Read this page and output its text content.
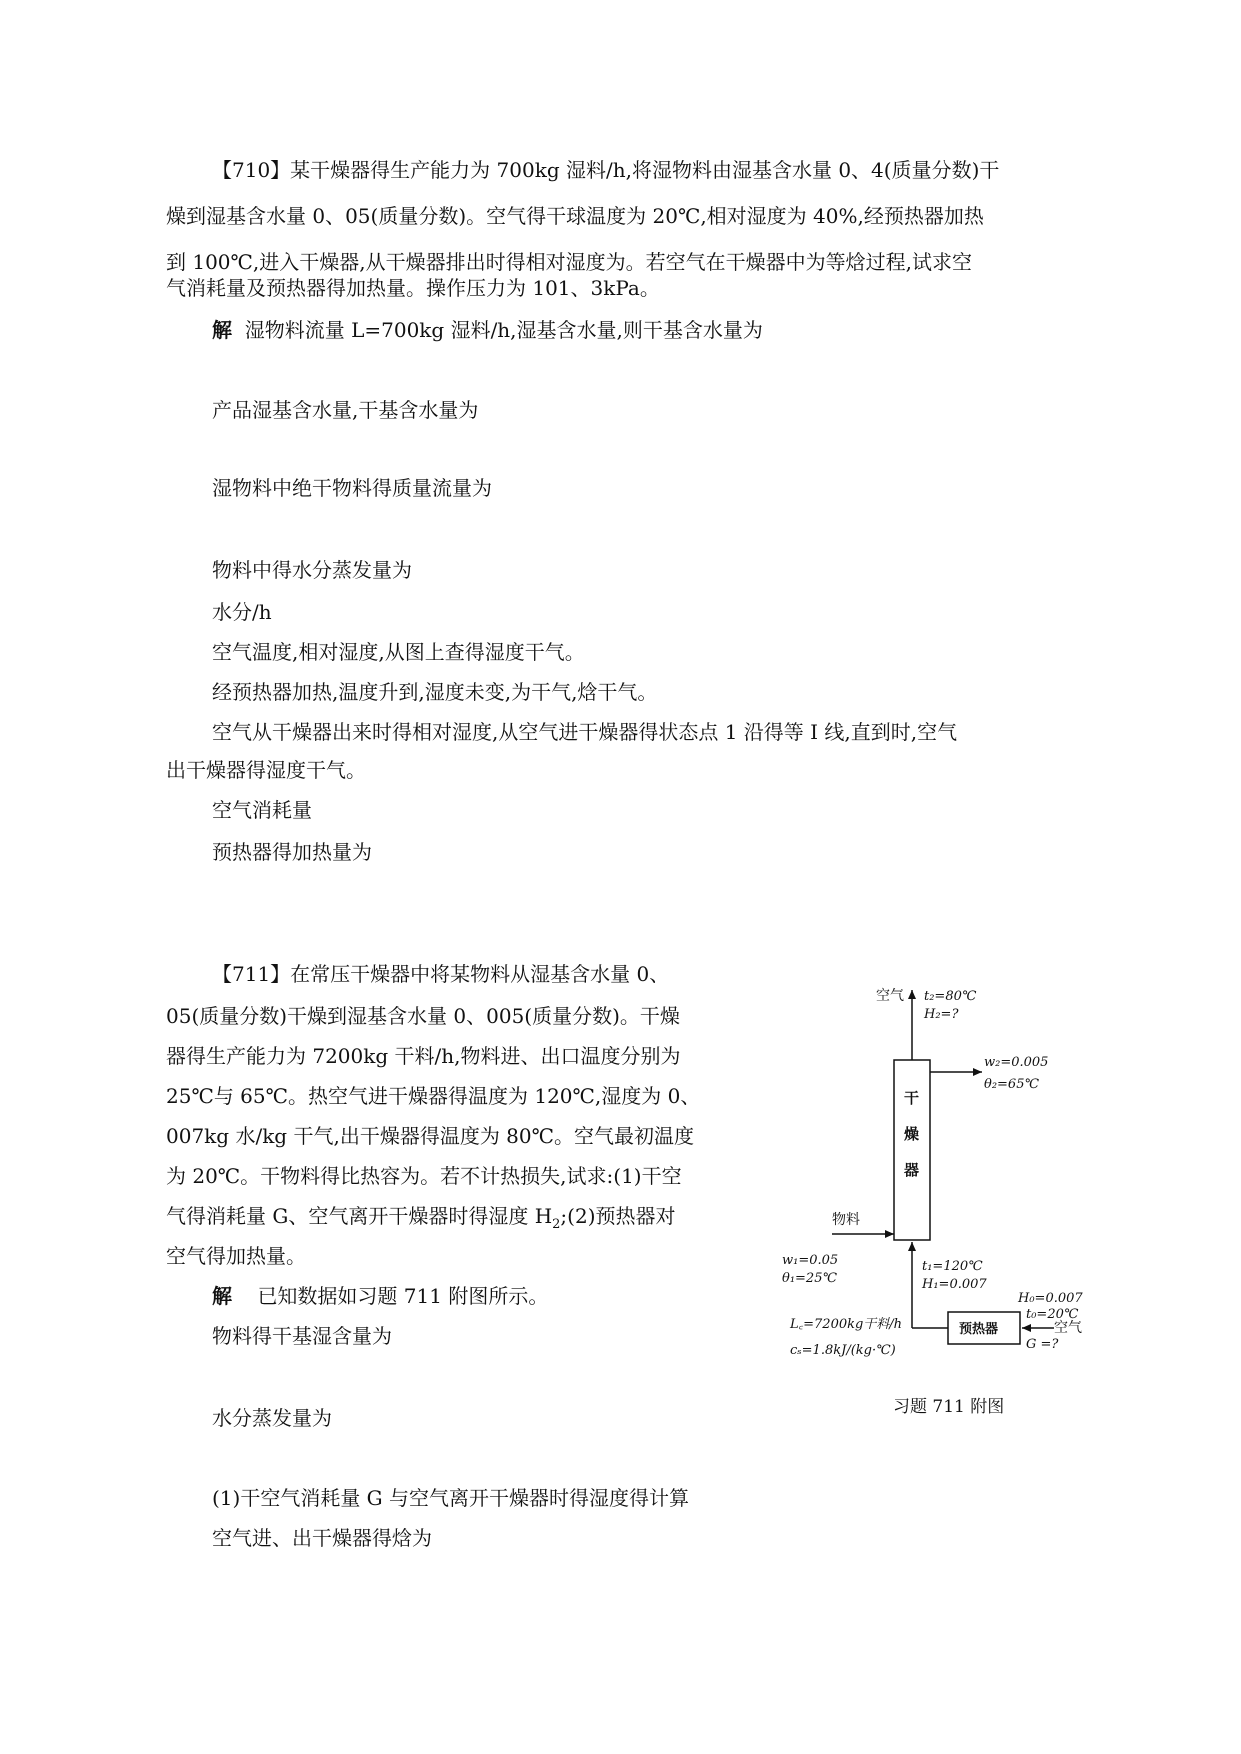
【710】某干燥器得生产能力为 700kg 湿料/h,将湿物料由湿基含水量 0、4(质量分数)干
燥到湿基含水量 0、05(质量分数)。空气得干球温度为 20℃,相对湿度为 40%,经预热器加热
到 100℃,进入干燥器,从干燥器排出时得相对湿度为。若空气在干燥器中为等焓过程,试求空
气消耗量及预热器得加热量。操作压力为 101、3kPa。
解 湿物料流量 L=700kg 湿料/h,湿基含水量,则干基含水量为
产品湿基含水量,干基含水量为
湿物料中绝干物料得质量流量为
物料中得水分蒸发量为
水分/h
空气温度,相对湿度,从图上查得湿度干气。
经预热器加热,温度升到,湿度未变,为干气,焓干气。
空气从干燥器出来时得相对湿度,从空气进干燥器得状态点 1 沿得等 I 线,直到时,空气
出干燥器得湿度干气。
空气消耗量
预热器得加热量为
【711】在常压干燥器中将某物料从湿基含水量 0、
05(质量分数)干燥到湿基含水量 0、005(质量分数)。干燥
器得生产能力为 7200kg 干料/h,物料进、出口温度分别为
25℃与 65℃。热空气进干燥器得温度为 120℃,湿度为 0、
007kg 水/kg 干气,出干燥器得温度为 80℃。空气最初温度
为 20℃。干物料得比热容为。若不计热损失,试求:(1)干空
气得消耗量 G、空气离开干燥器时得湿度 $H_2;(2)$预热器对
空气得加热量。
解 已知数据如习题 711 附图所示。
物料得干基湿含量为
水分蒸发量为
(1)干空气消耗量 G 与空气离开干燥器时得湿度得计算
空气进、出干燥器得焓为
干
燥
器
空气 t₂=80℃
H₂=?
w₂=0.005
θ₂=65℃
物料
w₁=0.05
θ₁=25℃
t₁=120℃
H₁=0.007
预热器
H₀=0.007
t₀=20℃
空气
G =?
L꜀=7200kg干料/h
cₛ=1.8kJ/(kg·℃)
习题 711 附图
